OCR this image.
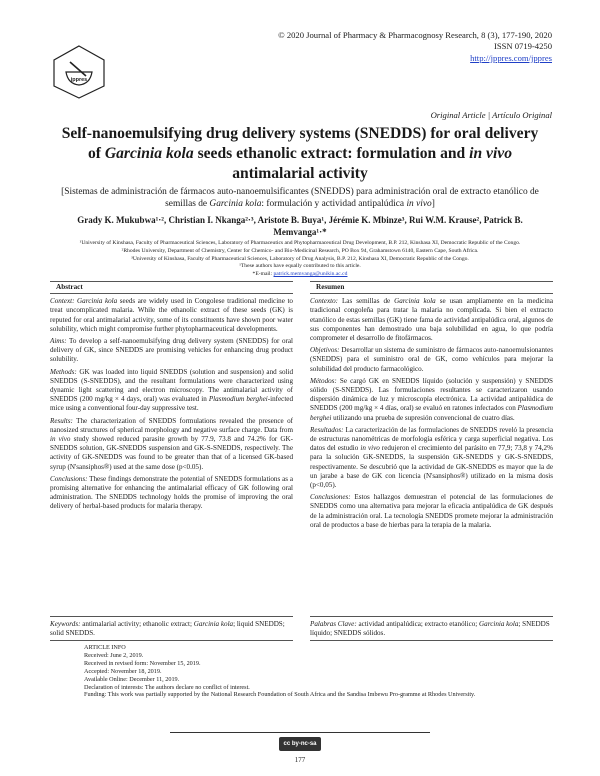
jppres
© 2020 Journal of Pharmacy & Pharmacognosy Research, 8 (3), 177-190, 2020
ISSN 0719-4250
http://jppres.com/jppres
Original Article | Artículo Original
Self-nanoemulsifying drug delivery systems (SNEDDS) for oral delivery of Garcinia kola seeds ethanolic extract: formulation and in vivo antimalarial activity
[Sistemas de administración de fármacos auto-nanoemulsificantes (SNEDDS) para administración oral de extracto etanólico de semillas de Garcinia kola: formulación y actividad antipalúdica in vivo]
Grady K. Mukubwa¹·², Christian I. Nkanga²·³, Aristote B. Buya¹, Jérémie K. Mbinze³, Rui W.M. Krause², Patrick B. Memvanga¹·*

¹University of Kinshasa, Faculty of Pharmaceutical Sciences, Laboratory of Pharmaceutics and Phytopharmaceutical Drug Development, B.P. 212, Kinshasa XI, Democratic Republic of the Congo.

²Rhodes University, Department of Chemistry, Center for Chemico- and Bio-Medicinal Research, PO Box 94, Grahamstown 6140, Eastern Cape, South Africa.

³University of Kinshasa, Faculty of Pharmaceutical Sciences, Laboratory of Drug Analysis, B.P. 212, Kinshasa XI, Democratic Republic of the Congo.

¹These authors have equally contributed to this article.

*E-mail: patrick.memvanga@unikin.ac.cd

Abstract

Context: Garcinia kola seeds are widely used in Congolese traditional medicine to treat uncomplicated malaria. While the ethanolic extract of these seeds (GK) is reputed for oral antimalarial activity, some of its constituents have shown poor water solubility, which might compromise further phytopharmaceutical developments.

Aims: To develop a self-nanoemulsifying drug delivery system (SNEDDS) for oral delivery of GK, since SNEDDS are promising vehicles for enhancing drug product solubility.

Methods: GK was loaded into liquid SNEDDS (solution and suspension) and solid SNEDDS (S-SNEDDS), and the resultant formulations were characterized using dynamic light scattering and electron microscopy. The antimalarial activity of SNEDDS (200 mg/kg × 4 days, oral) was evaluated in Plasmodium berghei-infected mice using a conventional four-day suppressive test.

Results: The characterization of SNEDDS formulations revealed the presence of nanosized structures of spherical morphology and negative surface charge. Data from in vivo study showed reduced parasite growth by 77.9, 73.8 and 74.2% for GK-SNEDDS solution, GK-SNEDDS suspension and GK-S-SNEDDS, respectively. The activity of GK-SNEDDS was found to be greater than that of a licensed GK-based syrup (N'sansiphos®) used at the same dose (p<0.05).

Conclusions: These findings demonstrate the potential of SNEDDS formulations as a promising alternative for enhancing the antimalarial efficacy of GK following oral administration. The SNEDDS technology holds the promise of improving the oral delivery of herbal-based products for malaria therapy.

Resumen

Contexto: Las semillas de Garcinia kola se usan ampliamente en la medicina tradicional congoleña para tratar la malaria no complicada. Si bien el extracto etanólico de estas semillas (GK) tiene fama de actividad antipalúdica oral, algunos de sus componentes han demostrado una baja solubilidad en agua, lo que podría comprometer el desarrollo de fitofármacos.

Objetivos: Desarrollar un sistema de suministro de fármacos auto-nanoemulsionantes (SNEDDS) para el suministro oral de GK, como vehículos para mejorar la solubilidad del producto farmacológico.

Métodos: Se cargó GK en SNEDDS líquido (solución y suspensión) y SNEDDS sólido (S-SNEDDS). Las formulaciones resultantes se caracterizaron usando dispersión dinámica de luz y microscopía electrónica. La actividad antipalúdica de SNEDDS (200 mg/kg × 4 días, oral) se evaluó en ratones infectados con Plasmodium berghei utilizando una prueba de supresión convencional de cuatro días.

Resultados: La caracterización de las formulaciones de SNEDDS reveló la presencia de estructuras nanométricas de morfología esférica y carga superficial negativa. Los datos del estudio in vivo redujeron el crecimiento del parásito en 77,9; 73,8 y 74,2% para la solución GK-SNEDDS, la suspensión GK-SNEDDS y GK-S-SNEDDS, respectivamente. Se descubrió que la actividad de GK-SNEDDS es mayor que la de un jarabe a base de GK con licencia (N'sansiphos®) utilizado en la misma dosis (p<0,05).

Conclusiones: Estos hallazgos demuestran el potencial de las formulaciones de SNEDDS como una alternativa para mejorar la eficacia antipalúdica de GK después de la administración oral. La tecnología SNEDDS promete mejorar la administración oral de productos a base de hierbas para la terapia de la malaria.

Keywords: antimalarial activity; ethanolic extract; Garcinia kola; liquid SNEDDS; solid SNEDDS.
Palabras Clave: actividad antipalúdica; extracto etanólico; Garcinia kola; SNEDDS líquido; SNEDDS sólidos.

ARTICLE INFO

Received: June 2, 2019.

Received in revised form: November 15, 2019.

Accepted: November 18, 2019.

Available Online: December 11, 2019.

Declaration of interests: The authors declare no conflict of interest.

Funding: This work was partially supported by the National Research Foundation of South Africa and the Sandisa Imbewu Pro-gramme at Rhodes University.

cc by-nc-sa
177
